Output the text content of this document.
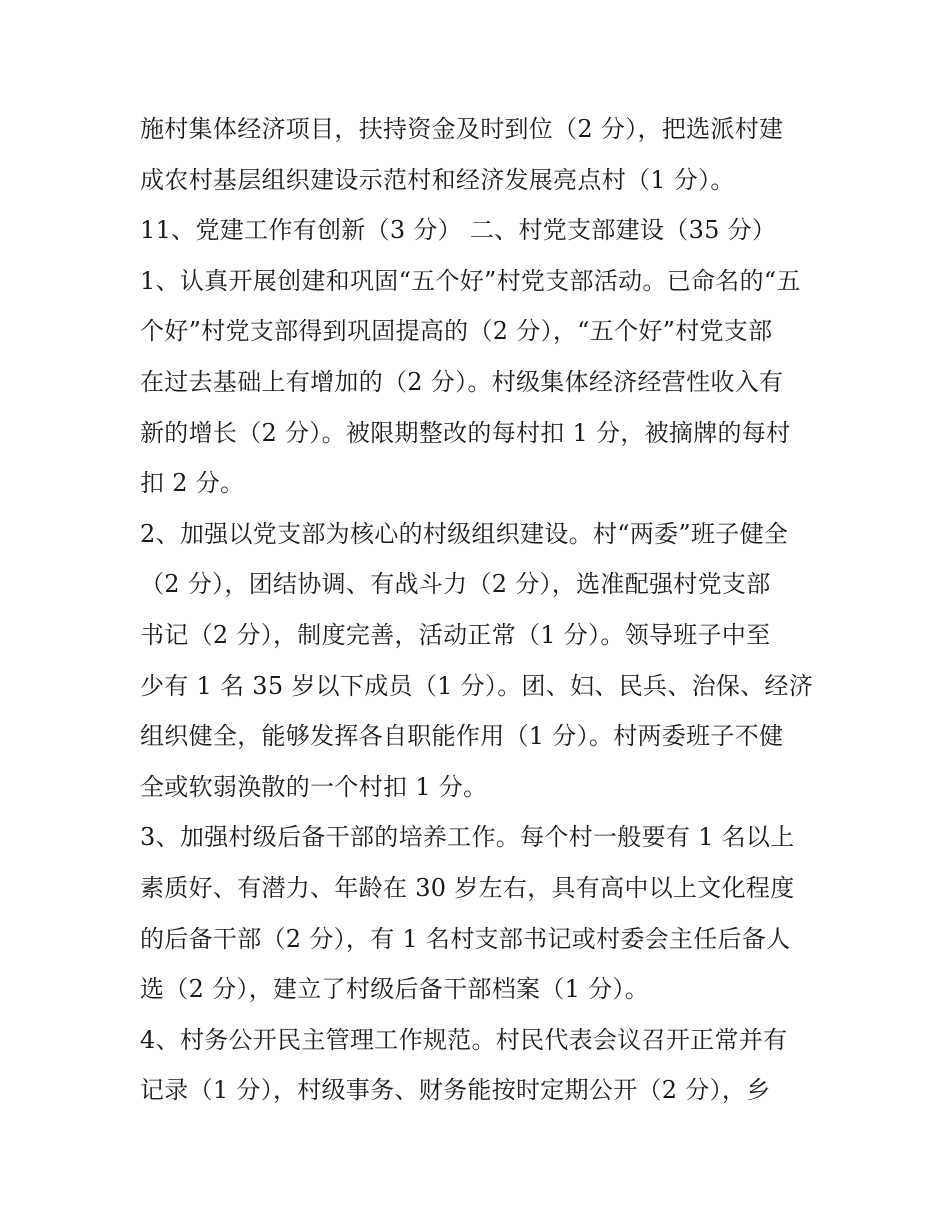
施村集体经济项目，扶持资金及时到位（2 分），把选派村建
成农村基层组织建设示范村和经济发展亮点村（1 分）。
11、党建工作有创新（3 分） 二、村党支部建设（35 分）
1、认真开展创建和巩固“五个好”村党支部活动。已命名的“五
个好”村党支部得到巩固提高的（2 分），“五个好”村党支部
在过去基础上有增加的（2 分）。村级集体经济经营性收入有
新的增长（2 分）。被限期整改的每村扣 1 分，被摘牌的每村
扣 2 分。
2、加强以党支部为核心的村级组织建设。村“两委”班子健全
（2 分），团结协调、有战斗力（2 分），选准配强村党支部
书记（2 分），制度完善，活动正常（1 分）。领导班子中至
少有 1 名 35 岁以下成员（1 分）。团、妇、民兵、治保、经济
组织健全，能够发挥各自职能作用（1 分）。村两委班子不健
全或软弱涣散的一个村扣 1 分。
3、加强村级后备干部的培养工作。每个村一般要有 1 名以上
素质好、有潜力、年龄在 30 岁左右，具有高中以上文化程度
的后备干部（2 分），有 1 名村支部书记或村委会主任后备人
选（2 分），建立了村级后备干部档案（1 分）。
4、村务公开民主管理工作规范。村民代表会议召开正常并有
记录（1 分），村级事务、财务能按时定期公开（2 分），乡
